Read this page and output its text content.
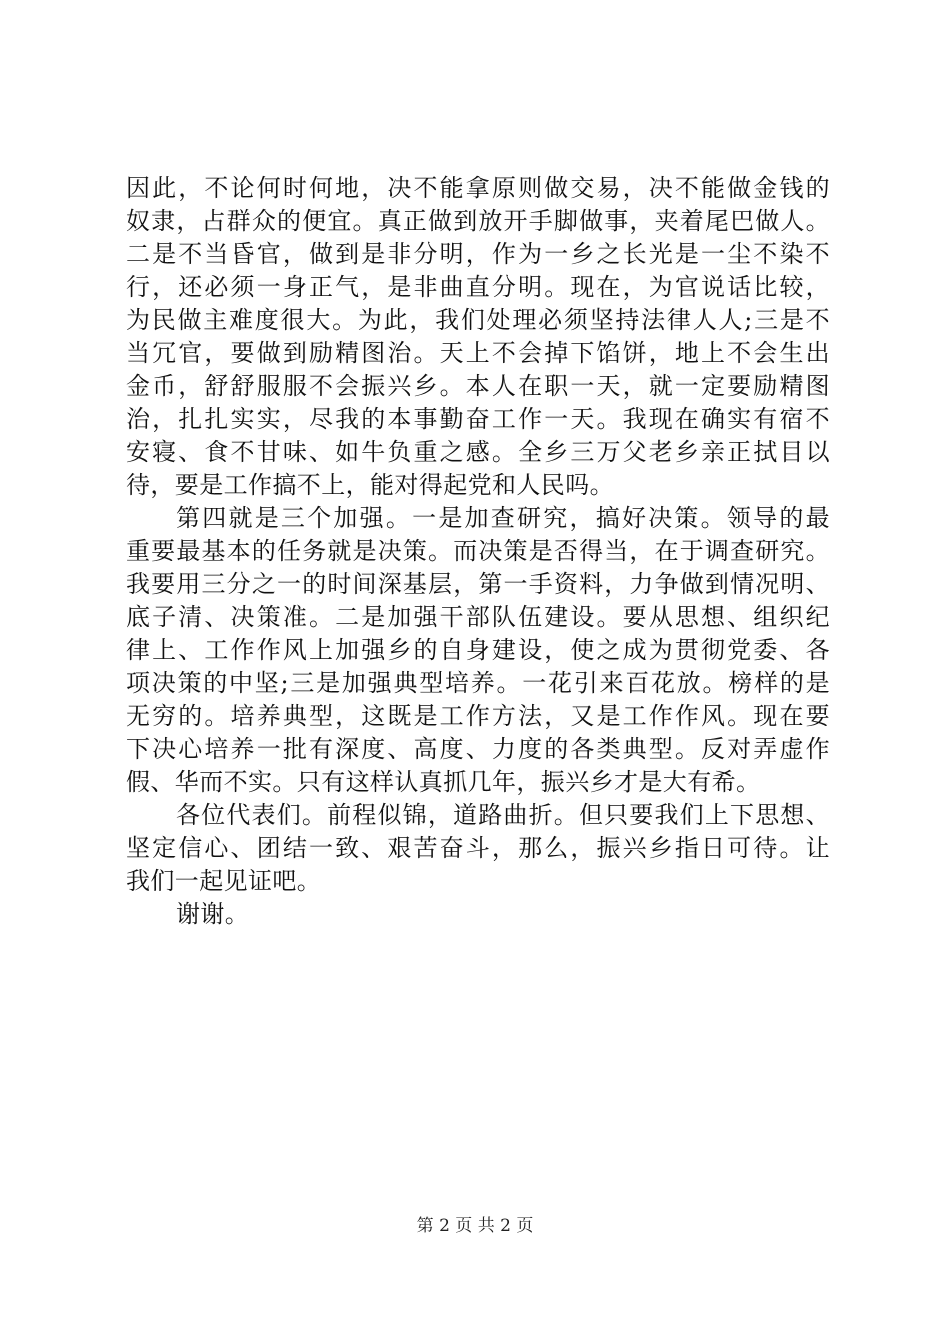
因此，不论何时何地，决不能拿原则做交易，决不能做金钱的
奴隶，占群众的便宜。真正做到放开手脚做事，夹着尾巴做人。
二是不当昏官，做到是非分明，作为一乡之长光是一尘不染不
行，还必须一身正气，是非曲直分明。现在，为官说话比较，
为民做主难度很大。为此，我们处理必须坚持法律人人;三是不
当冗官，要做到励精图治。天上不会掉下馅饼，地上不会生出
金币，舒舒服服不会振兴乡。本人在职一天，就一定要励精图
治，扎扎实实，尽我的本事勤奋工作一天。我现在确实有宿不
安寝、食不甘味、如牛负重之感。全乡三万父老乡亲正拭目以
待，要是工作搞不上，能对得起党和人民吗。
第四就是三个加强。一是加查研究，搞好决策。领导的最
重要最基本的任务就是决策。而决策是否得当，在于调查研究。
我要用三分之一的时间深基层，第一手资料，力争做到情况明、
底子清、决策准。二是加强干部队伍建设。要从思想、组织纪
律上、工作作风上加强乡的自身建设，使之成为贯彻党委、各
项决策的中坚;三是加强典型培养。一花引来百花放。榜样的是
无穷的。培养典型，这既是工作方法，又是工作作风。现在要
下决心培养一批有深度、高度、力度的各类典型。反对弄虚作
假、华而不实。只有这样认真抓几年，振兴乡才是大有希。
各位代表们。前程似锦，道路曲折。但只要我们上下思想、
坚定信心、团结一致、艰苦奋斗，那么，振兴乡指日可待。让
我们一起见证吧。
谢谢。
第 2 页 共 2 页
